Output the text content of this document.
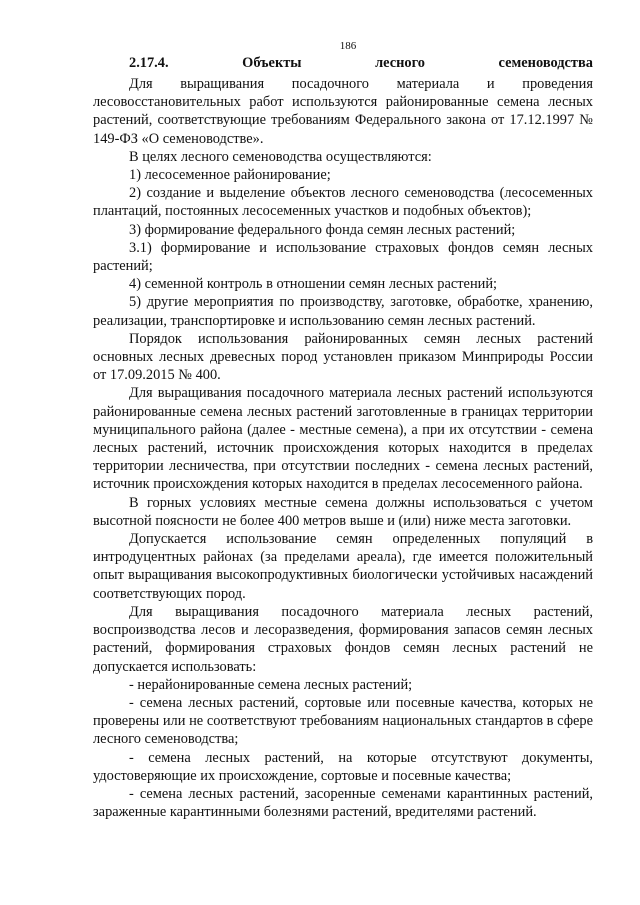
186
2.17.4.	Объекты лесного	семеноводства

Для выращивания посадочного материала и проведения лесовосстановительных работ используются районированные семена лесных растений, соответствующие требованиям Федерального закона от 17.12.1997 № 149-ФЗ «О семеноводстве».

В целях лесного семеноводства осуществляются:

1) лесосеменное районирование;

2) создание и выделение объектов лесного семеноводства (лесосеменных плантаций, постоянных лесосеменных участков и подобных объектов);

3) формирование федерального фонда семян лесных растений;

3.1) формирование и использование страховых фондов семян лесных растений;

4) семенной контроль в отношении семян лесных растений;

5) другие мероприятия по производству, заготовке, обработке, хранению, реализации, транспортировке и использованию семян лесных растений.

Порядок использования районированных семян лесных растений основных лесных древесных пород установлен приказом Минприроды России от 17.09.2015 № 400.

Для выращивания посадочного материала лесных растений используются районированные семена лесных растений заготовленные в границах территории муниципального района (далее - местные семена), а при их отсутствии - семена лесных растений, источник происхождения которых находится в пределах территории лесничества, при отсутствии последних - семена лесных растений, источник происхождения которых находится в пределах лесосеменного района.

В горных условиях местные семена должны использоваться с учетом высотной поясности не более 400 метров выше и (или) ниже места заготовки.

Допускается использование семян определенных популяций в интродуцентных районах (за пределами ареала), где имеется положительный опыт выращивания высокопродуктивных биологически устойчивых насаждений соответствующих пород.

Для выращивания посадочного материала лесных растений, воспроизводства лесов и лесоразведения, формирования запасов семян лесных растений, формирования страховых фондов семян лесных растений не допускается использовать:

- нерайонированные семена лесных растений;

- семена лесных растений, сортовые или посевные качества, которых не проверены или не соответствуют требованиям национальных стандартов в сфере лесного семеноводства;

- семена лесных растений, на которые отсутствуют документы, удостоверяющие их происхождение, сортовые и посевные качества;

- семена лесных растений, засоренные семенами карантинных растений, зараженные карантинными болезнями растений, вредителями растений.
